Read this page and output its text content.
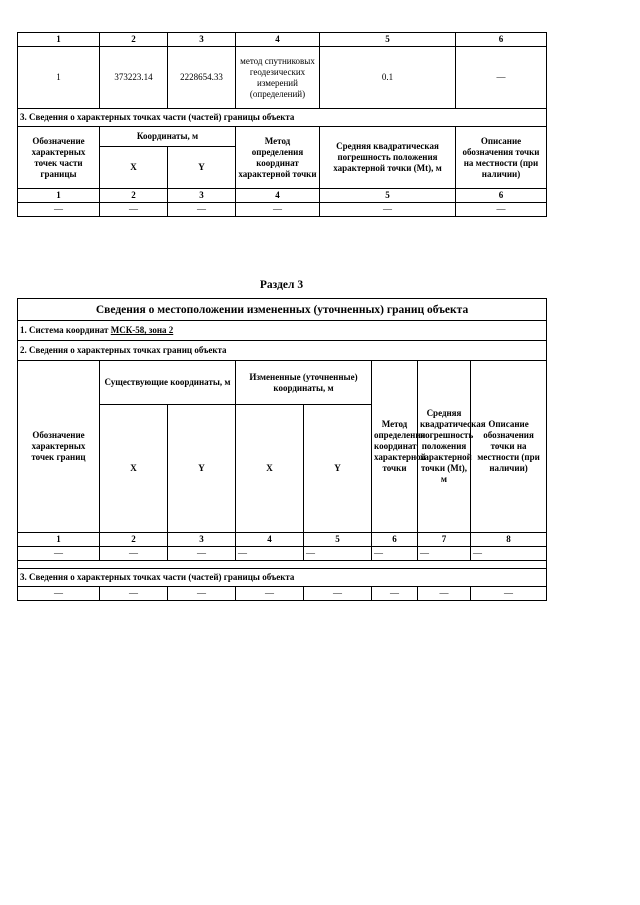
1	2	3	4	5	6
1	373223.14	2228654.33	метод спутниковых геодезических измерений (определений)	0.1	—
3. Сведения о характерных точках части (частей) границы объекта					
Обозначение характерных точек части границы	Координаты, м		Метод определения координат характерной точки	Средняя квадратическая погрешность положения характерной точки (Mt), м	Описание обозначения точки на местности (при наличии)
	X	Y			
1	2	3	4	5	6
—	—	—	—	—	—
Раздел 3
Сведения о местоположении измененных (уточненных) границ объекта							
1. Система координат МСК-58, зона 2							
2. Сведения о характерных точках границ объекта							
Обозначение характерных точек границ	Существующие координаты, м		Измененные (уточненные) координаты, м		Метод определения координат характерной точки	Средняя квадратическая погрешность положения характерной точки (Mt), м	Описание обозначения точки на местности (при наличии)
	X	Y	X	Y			
1	2	3	4	5	6	7	8
—	—	—	—	—	—	—	—

3. Сведения о характерных точках части (частей) границы объекта							
—	—	—	—	—	—	—	—
